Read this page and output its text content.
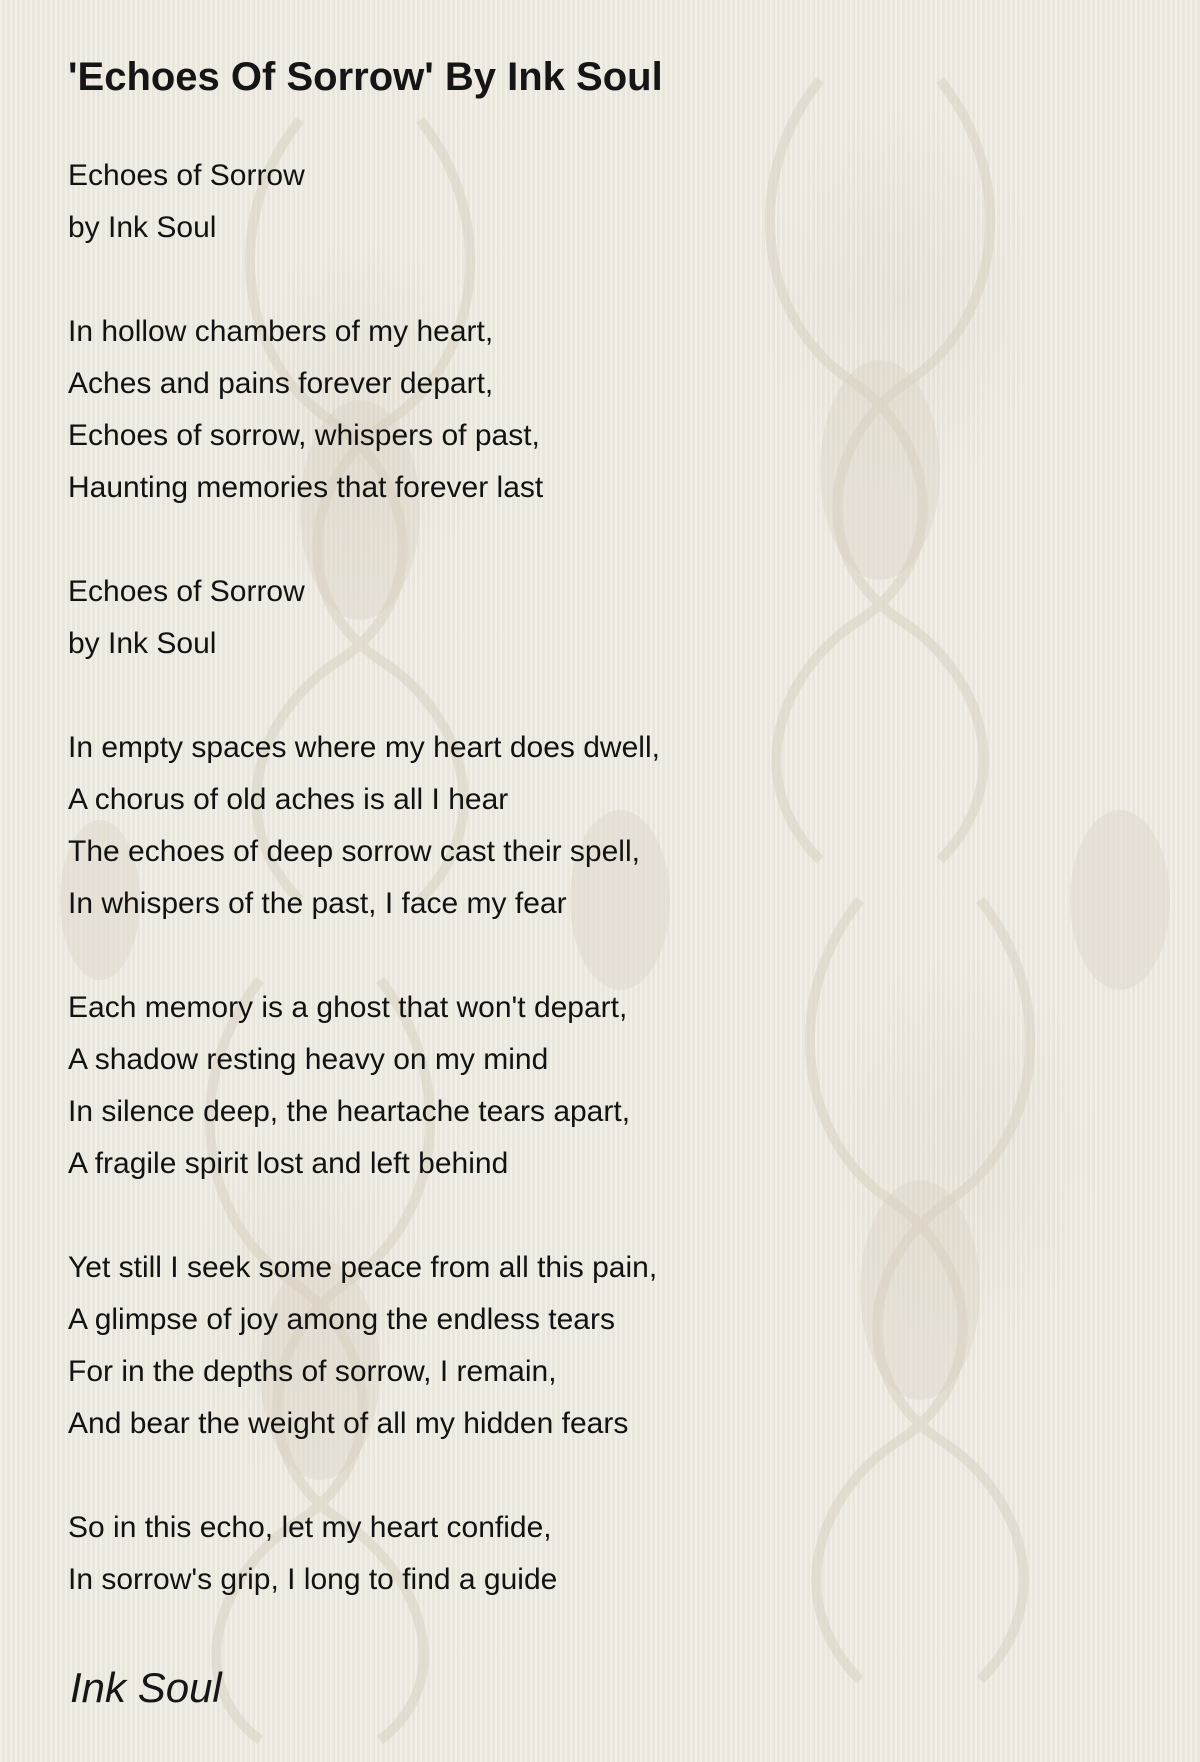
'Echoes Of Sorrow' By Ink Soul
Echoes of Sorrow
by Ink Soul
In hollow chambers of my heart,
Aches and pains forever depart,
Echoes of sorrow, whispers of past,
Haunting memories that forever last
Echoes of Sorrow
by Ink Soul
In empty spaces where my heart does dwell,
A chorus of old aches is all I hear
The echoes of deep sorrow cast their spell,
In whispers of the past, I face my fear
Each memory is a ghost that won't depart,
A shadow resting heavy on my mind
In silence deep, the heartache tears apart,
A fragile spirit lost and left behind
Yet still I seek some peace from all this pain,
A glimpse of joy among the endless tears
For in the depths of sorrow, I remain,
And bear the weight of all my hidden fears
So in this echo, let my heart confide,
In sorrow's grip, I long to find a guide
Ink Soul
